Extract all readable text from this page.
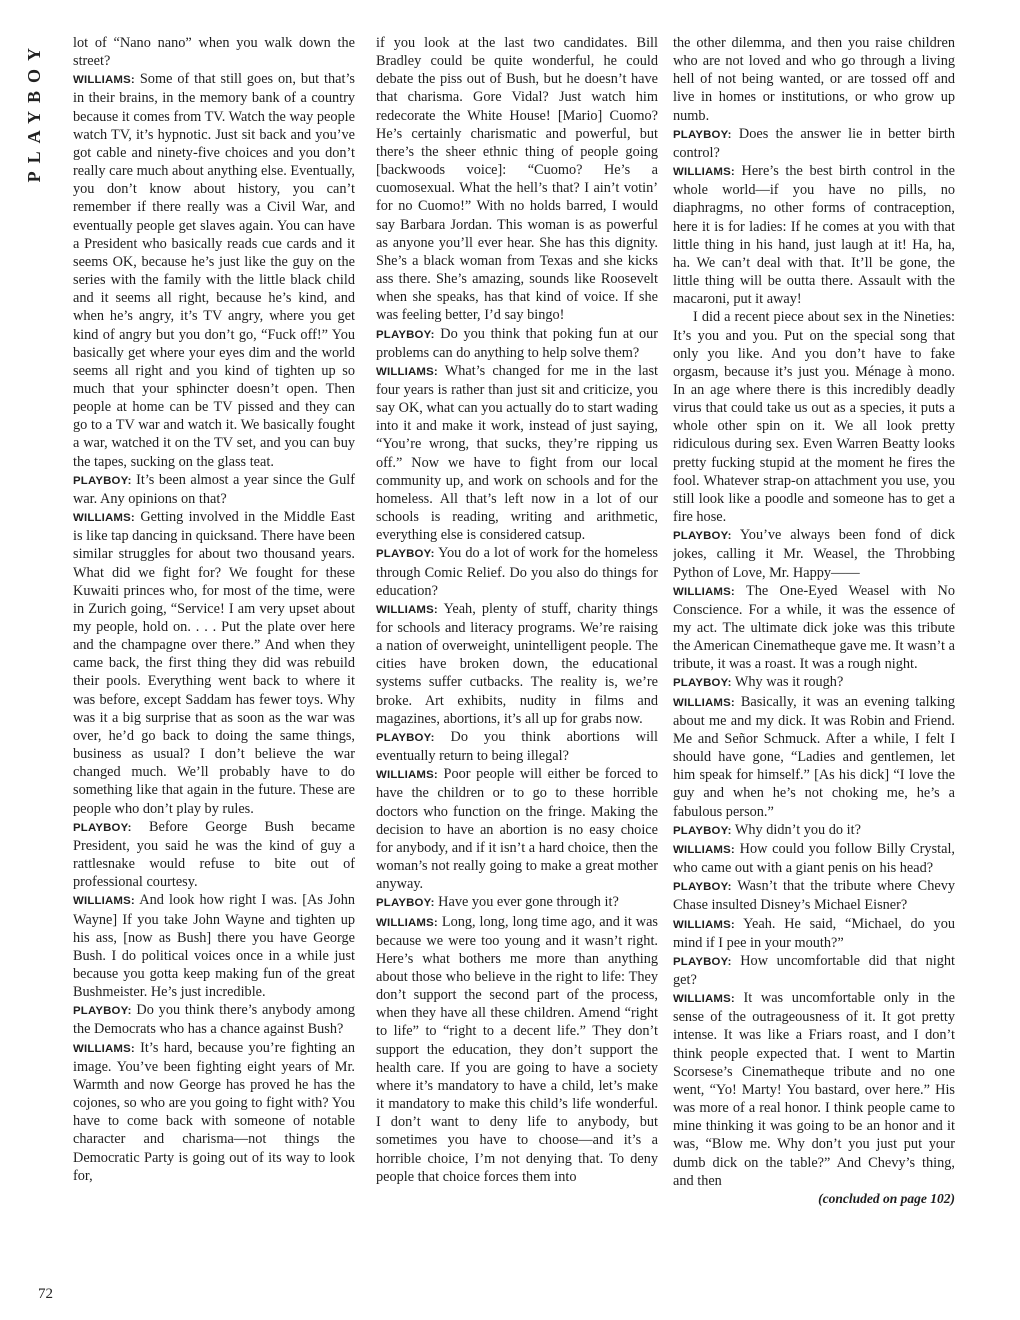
PLAYBOY	lot of “Nano nano” when you walk down the street?

WILLIAMS: Some of that still goes on, but that’s in their brains, in the memory bank of a country because it comes from TV. Watch the way people watch TV, it’s hypnotic. Just sit back and you’ve got cable and ninety-five choices and you don’t really care much about anything else. Eventually, you don’t know about history, you can’t remember if there really was a Civil War, and eventually people get slaves again. You can have a President who basically reads cue cards and it seems OK, because he’s just like the guy on the series with the family with the little black child and it seems all right, because he’s kind, and when he’s angry, it’s TV angry, where you get kind of angry but you don’t go, “Fuck off!” You basically get where your eyes dim and the world seems all right and you kind of tighten up so much that your sphincter doesn’t open. Then people at home can be TV pissed and they can go to a TV war and watch it. We basically fought a war, watched it on the TV set, and you can buy the tapes, sucking on the glass teat.

PLAYBOY: It’s been almost a year since the Gulf war. Any opinions on that?

WILLIAMS: Getting involved in the Middle East is like tap dancing in quicksand. There have been similar struggles for about two thousand years. What did we fight for? We fought for these Kuwaiti princes who, for most of the time, were in Zurich going, “Service! I am very upset about my people, hold on. . . . Put the plate over here and the champagne over there.” And when they came back, the first thing they did was rebuild their pools. Everything went back to where it was before, except Saddam has fewer toys. Why was it a big surprise that as soon as the war was over, he’d go back to doing the same things, business as usual? I don’t believe the war changed much. We’ll probably have to do something like that again in the future. These are people who don’t play by rules.

PLAYBOY: Before George Bush became President, you said he was the kind of guy a rattlesnake would refuse to bite out of professional courtesy.

WILLIAMS: And look how right I was. [As John Wayne] If you take John Wayne and tighten up his ass, [now as Bush] there you have George Bush. I do political voices once in a while just because you gotta keep making fun of the great Bushmeister. He’s just incredible.

PLAYBOY: Do you think there’s anybody among the Democrats who has a chance against Bush?

WILLIAMS: It’s hard, because you’re fighting an image. You’ve been fighting eight years of Mr. Warmth and now George has proved he has the cojones, so who are you going to fight with? You have to come back with someone of notable character and charisma—not things the Democratic Party is going out of its way to look for,

if you look at the last two candidates. Bill Bradley could be quite wonderful, he could debate the piss out of Bush, but he doesn’t have that charisma. Gore Vidal? Just watch him redecorate the White House! [Mario] Cuomo? He’s certainly charismatic and powerful, but there’s the sheer ethnic thing of people going [backwoods voice]: “Cuomo? He’s a cuomosexual. What the hell’s that? I ain’t votin’ for no Cuomo!” With no holds barred, I would say Barbara Jordan. This woman is as powerful as anyone you’ll ever hear. She has this dignity. She’s a black woman from Texas and she kicks ass there. She’s amazing, sounds like Roosevelt when she speaks, has that kind of voice. If she was feeling better, I’d say bingo!

PLAYBOY: Do you think that poking fun at our problems can do anything to help solve them?

WILLIAMS: What’s changed for me in the last four years is rather than just sit and criticize, you say OK, what can you actually do to start wading into it and make it work, instead of just saying, “You’re wrong, that sucks, they’re ripping us off.” Now we have to fight from our local community up, and work on schools and for the homeless. All that’s left now in a lot of our schools is reading, writing and arithmetic, everything else is considered catsup.

PLAYBOY: You do a lot of work for the homeless through Comic Relief. Do you also do things for education?

WILLIAMS: Yeah, plenty of stuff, charity things for schools and literacy programs. We’re raising a nation of overweight, unintelligent people. The cities have broken down, the educational systems suffer cutbacks. The reality is, we’re broke. Art exhibits, nudity in films and magazines, abortions, it’s all up for grabs now.

PLAYBOY: Do you think abortions will eventually return to being illegal?

WILLIAMS: Poor people will either be forced to have the children or to go to these horrible doctors who function on the fringe. Making the decision to have an abortion is no easy choice for anybody, and if it isn’t a hard choice, then the woman’s not really going to make a great mother anyway.

PLAYBOY: Have you ever gone through it?

WILLIAMS: Long, long, long time ago, and it was because we were too young and it wasn’t right. Here’s what bothers me more than anything about those who believe in the right to life: They don’t support the second part of the process, when they have all these children. Amend “right to life” to “right to a decent life.” They don’t support the education, they don’t support the health care. If you are going to have a society where it’s mandatory to have a child, let’s make it mandatory to make this child’s life wonderful. I don’t want to deny life to anybody, but sometimes you have to choose—and it’s a horrible choice, I’m not denying that. To deny people that choice forces them into

the other dilemma, and then you raise children who are not loved and who go through a living hell of not being wanted, or are tossed off and live in homes or institutions, or who grow up numb.

PLAYBOY: Does the answer lie in better birth control?

WILLIAMS: Here’s the best birth control in the whole world—if you have no pills, no diaphragms, no other forms of contraception, here it is for ladies: If he comes at you with that little thing in his hand, just laugh at it! Ha, ha, ha. We can’t deal with that. It’ll be gone, the little thing will be outta there. Assault with the macaroni, put it away!

I did a recent piece about sex in the Nineties: It’s you and you. Put on the special song that only you like. And you don’t have to fake orgasm, because it’s just you. Ménage à mono. In an age where there is this incredibly deadly virus that could take us out as a species, it puts a whole other spin on it. We all look pretty ridiculous during sex. Even Warren Beatty looks pretty fucking stupid at the moment he fires the fool. Whatever strap-on attachment you use, you still look like a poodle and someone has to get a fire hose.

PLAYBOY: You’ve always been fond of dick jokes, calling it Mr. Weasel, the Throbbing Python of Love, Mr. Happy——

WILLIAMS: The One-Eyed Weasel with No Conscience. For a while, it was the essence of my act. The ultimate dick joke was this tribute the American Cinematheque gave me. It wasn’t a tribute, it was a roast. It was a rough night.

PLAYBOY: Why was it rough?

WILLIAMS: Basically, it was an evening talking about me and my dick. It was Robin and Friend. Me and Señor Schmuck. After a while, I felt I should have gone, “Ladies and gentlemen, let him speak for himself.” [As his dick] “I love the guy and when he’s not choking me, he’s a fabulous person.”

PLAYBOY: Why didn’t you do it?

WILLIAMS: How could you follow Billy Crystal, who came out with a giant penis on his head?

PLAYBOY: Wasn’t that the tribute where Chevy Chase insulted Disney’s Michael Eisner?

WILLIAMS: Yeah. He said, “Michael, do you mind if I pee in your mouth?”

PLAYBOY: How uncomfortable did that night get?

WILLIAMS: It was uncomfortable only in the sense of the outrageousness of it. It got pretty intense. It was like a Friars roast, and I don’t think people expected that. I went to Martin Scorsese’s Cinematheque tribute and no one went, “Yo! Marty! You bastard, over here.” His was more of a real honor. I think people came to mine thinking it was going to be an honor and it was, “Blow me. Why don’t you just put your dumb dick on the table?” And Chevy’s thing, and then

(concluded on page 102)

72
